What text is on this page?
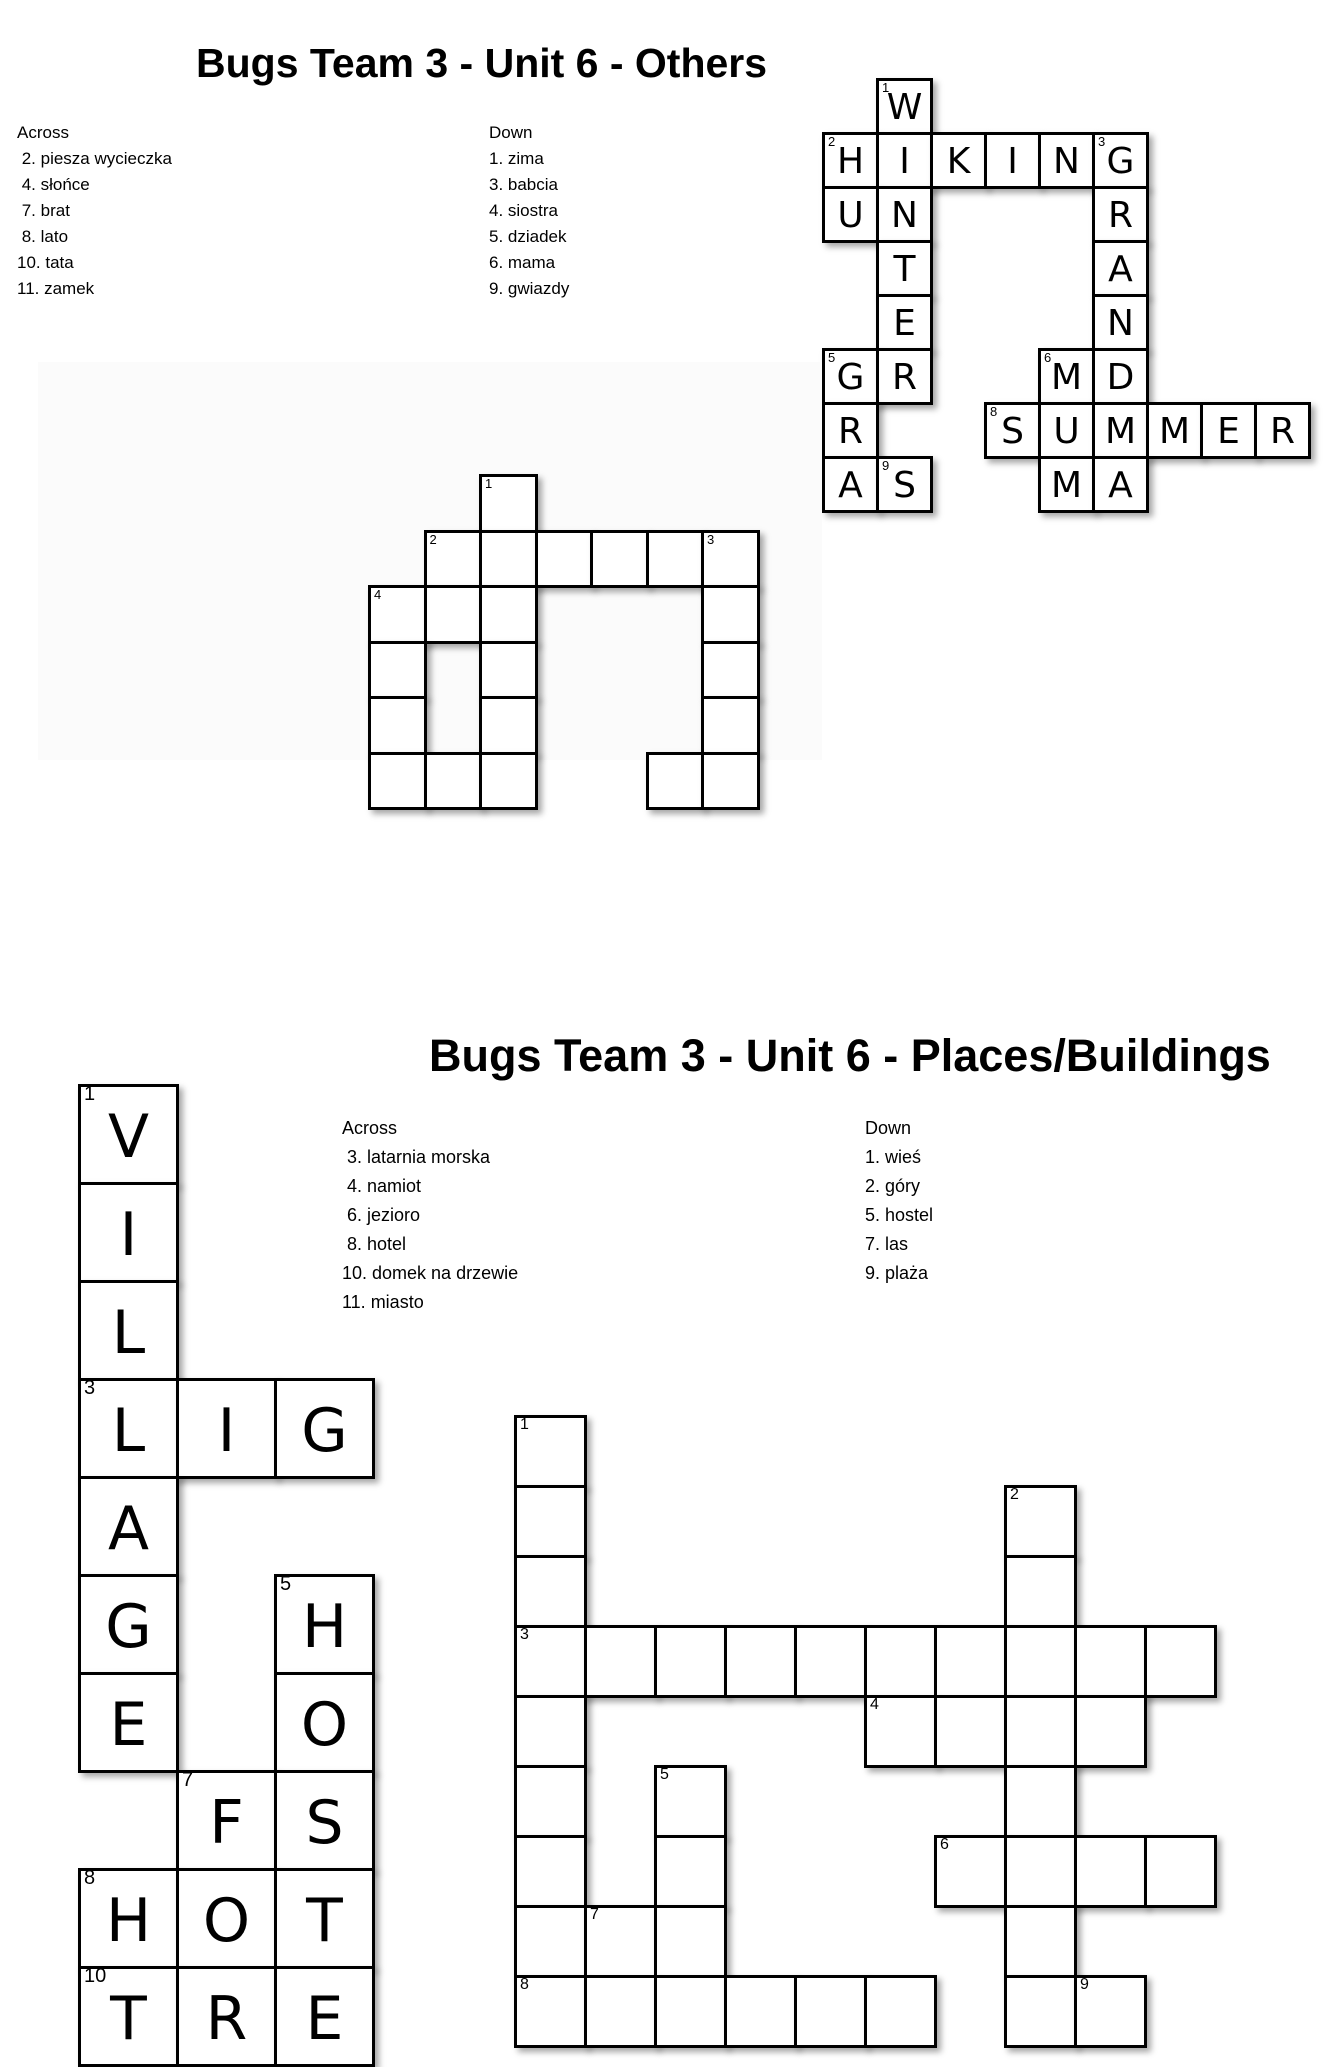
Bugs Team 3 - Unit 6 - Others
Across
2. piesza wycieczka
4. słońce
7. brat
8. lato
10. tata
11. zamek
Down
1. zima
3. babcia
4. siostra
5. dziadek
6. mama
9. gwiazdy
1
W
2 H I	K	I N	3 G
U N	R
T	A
E	N
5 G R	6 M D
R	8 S U M M E R
A	9 S	M A
1
2	3
4
Bugs Team 3 - Unit 6 - Places/Buildings
Across
3. latarnia morska
4. namiot
6. jezioro
8. hotel
10. domek na drzewie
11. miasto
Down
1. wieś
2. góry
5. hostel
7. las
9. plaża
1
V
I
L
3
L	I	G
A
G
5
H
E	O
7
F	S
8
H O T
10
T R E
1
2
3
4
5
6
7
8	9
